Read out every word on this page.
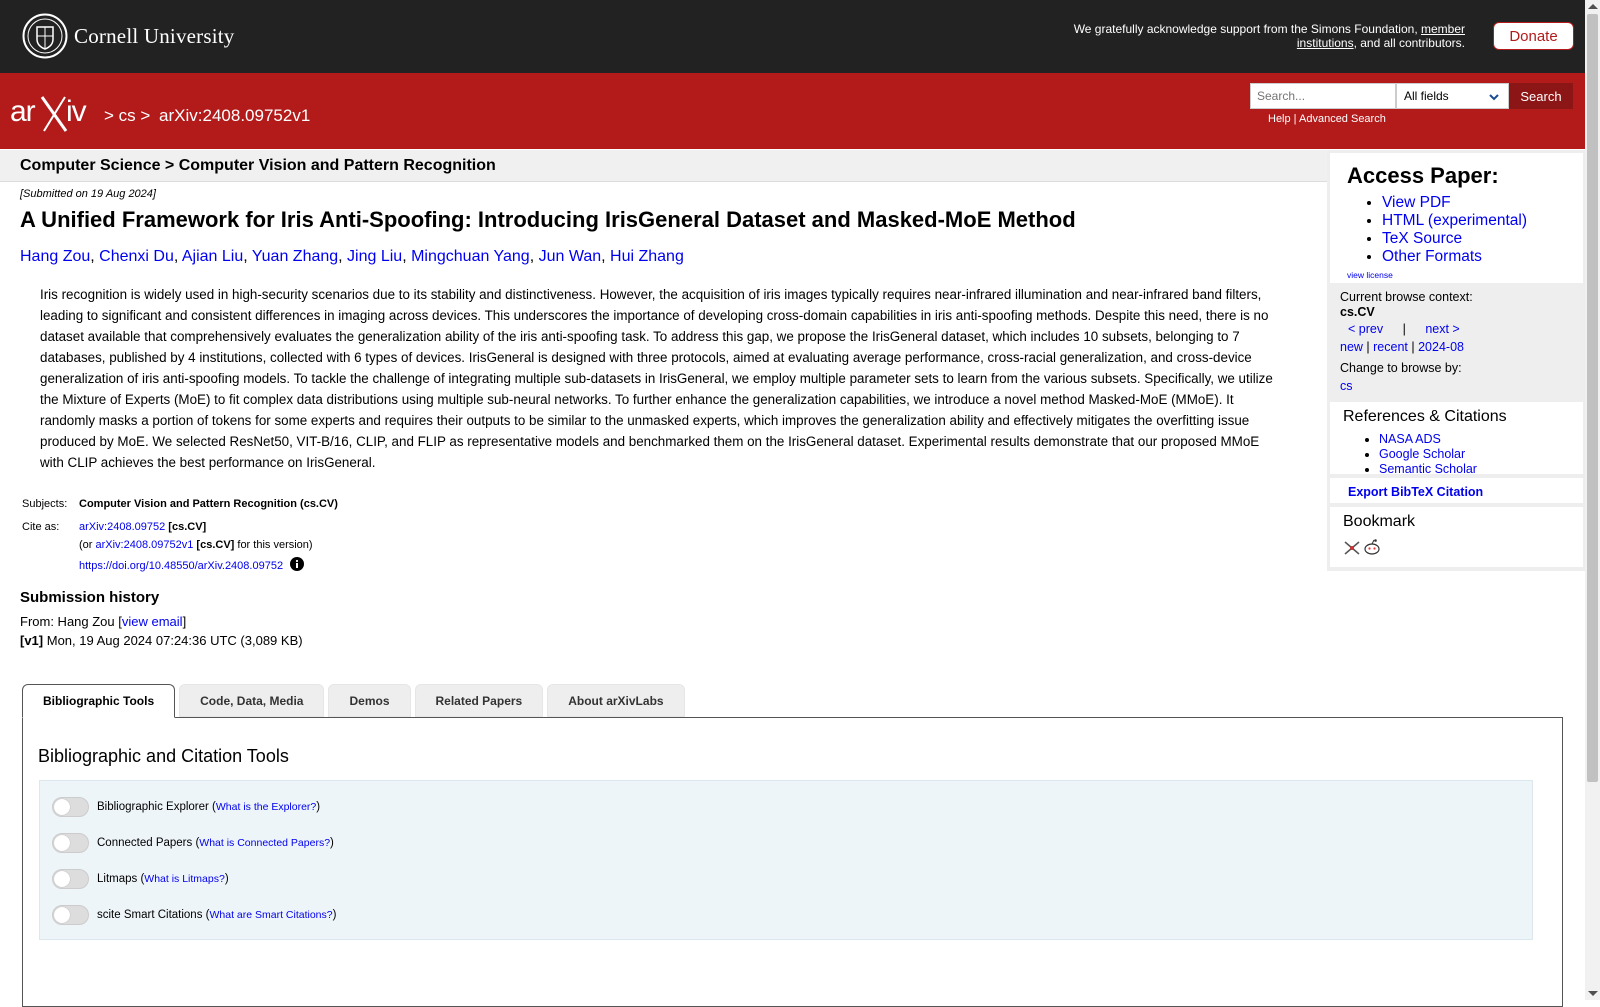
Cornell University	We gratefully acknowledge support from the Simons Foundation, member institutions, and all contributors.	Donate
ar iv > cs > arXiv:2408.09752v1
Search...
All fields	Search
Help | Advanced Search
Computer Science > Computer Vision and Pattern Recognition
[Submitted on 19 Aug 2024]
A Unified Framework for Iris Anti-Spoofing: Introducing IrisGeneral Dataset and Masked-MoE Method
Hang Zou, Chenxi Du, Ajian Liu, Yuan Zhang, Jing Liu, Mingchuan Yang, Jun Wan, Hui Zhang

Iris recognition is widely used in high-security scenarios due to its stability and distinctiveness. However, the acquisition of iris images typically requires near-infrared illumination and near-infrared band filters, leading to significant and consistent differences in imaging across devices. This underscores the importance of developing cross-domain capabilities in iris anti-spoofing methods. Despite this need, there is no dataset available that comprehensively evaluates the generalization ability of the iris anti-spoofing task. To address this gap, we propose the IrisGeneral dataset, which includes 10 subsets, belonging to 7 databases, published by 4 institutions, collected with 6 types of devices. IrisGeneral is designed with three protocols, aimed at evaluating average performance, cross-racial generalization, and cross-device generalization of iris anti-spoofing models. To tackle the challenge of integrating multiple sub-datasets in IrisGeneral, we employ multiple parameter sets to learn from the various subsets. Specifically, we utilize the Mixture of Experts (MoE) to fit complex data distributions using multiple sub-neural networks. To further enhance the generalization capabilities, we introduce a novel method Masked-MoE (MMoE). It randomly masks a portion of tokens for some experts and requires their outputs to be similar to the unmasked experts, which improves the generalization ability and effectively mitigates the overfitting issue produced by MoE. We selected ResNet50, VIT-B/16, CLIP, and FLIP as representative models and benchmarked them on the IrisGeneral dataset. Experimental results demonstrate that our proposed MMoE with CLIP achieves the best performance on IrisGeneral.

Subjects:	Computer Vision and Pattern Recognition (cs.CV)
Cite as:	arXiv:2408.09752 [cs.CV]
(or arXiv:2408.09752v1 [cs.CV] for this version)
https://doi.org/10.48550/arXiv.2408.09752
Submission history
From: Hang Zou [view email]
[v1] Mon, 19 Aug 2024 07:24:36 UTC (3,089 KB)
Bibliographic Tools	Code, Data, Media	Demos	Related Papers	About arXivLabs
Bibliographic and Citation Tools
Bibliographic Explorer ( What is the Explorer? )
Connected Papers ( What is Connected Papers? )
Litmaps ( What is Litmaps? )
scite Smart Citations ( What are Smart Citations? )
Access Paper:
• View PDF
• HTML (experimental)
• TeX Source
• Other Formats
view license
Current browse context:
cs.CV
< prev | next >
new | recent | 2024-08
Change to browse by:
cs
References & Citations
• NASA ADS
• Google Scholar
• Semantic Scholar
Export BibTeX Citation
Bookmark
